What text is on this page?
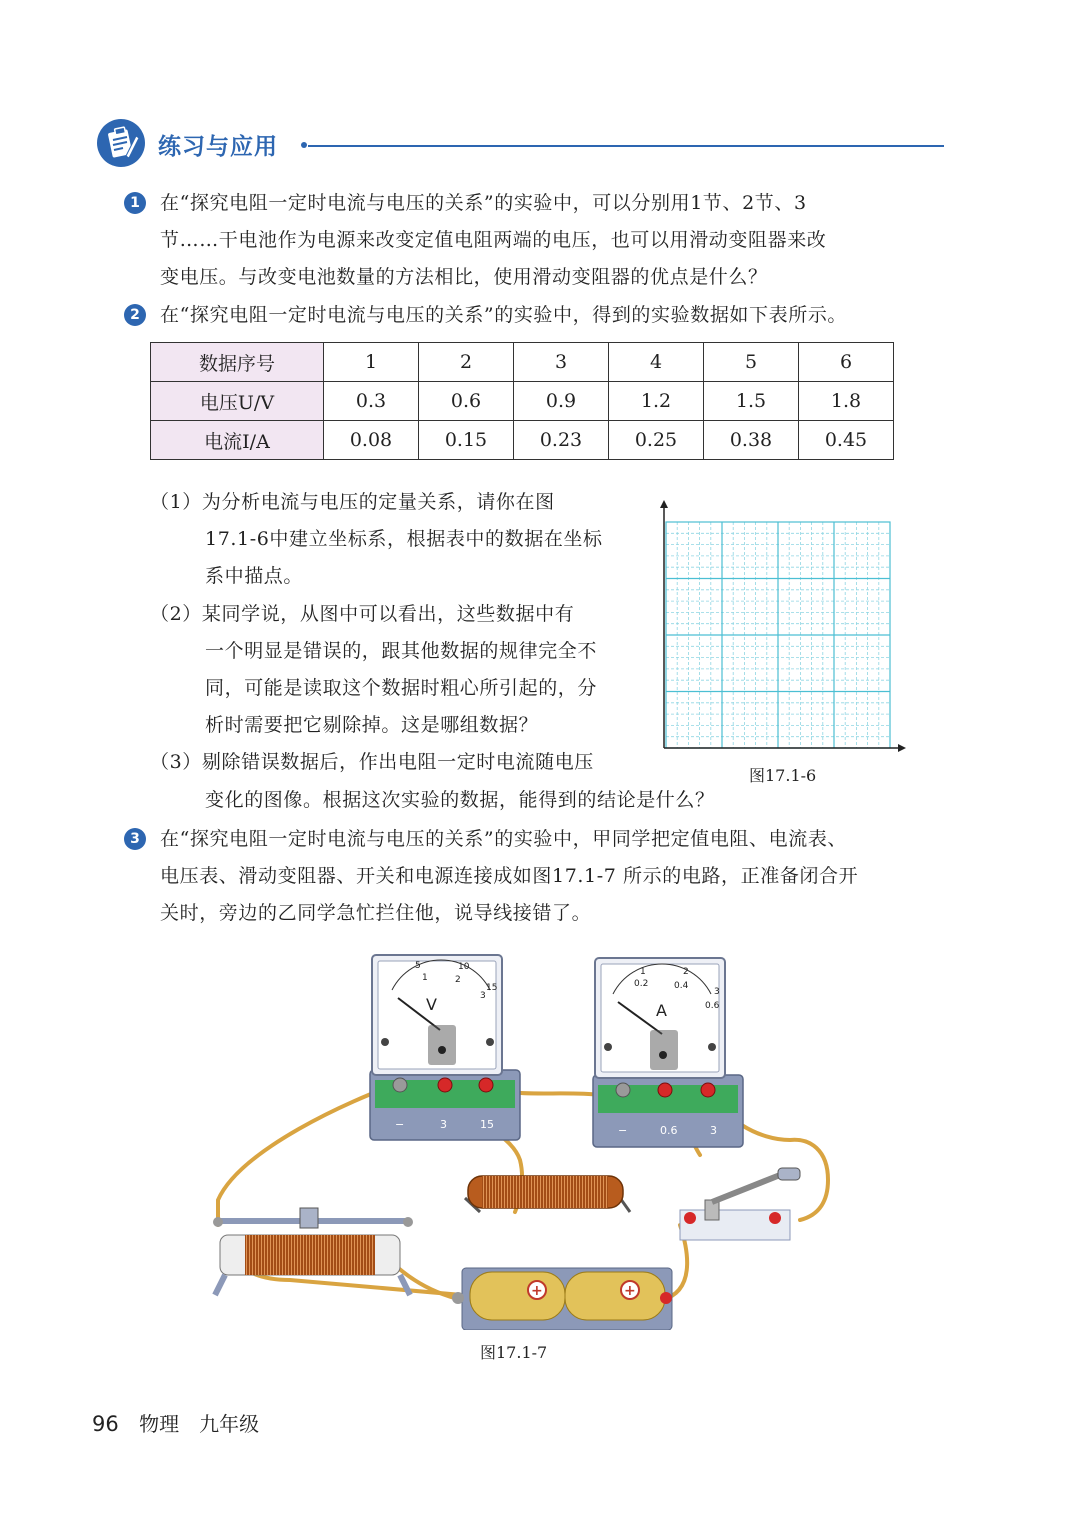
练习与应用
1	在“探究电阻一定时电流与电压的关系”的实验中，可以分别用1节、2节、3
节……干电池作为电源来改变定值电阻两端的电压，也可以用滑动变阻器来改
变电压。与改变电池数量的方法相比，使用滑动变阻器的优点是什么？
2	在“探究电阻一定时电流与电压的关系”的实验中，得到的实验数据如下表所示。
数据序号	1	2	3	4	5	6
电压U/V	0.3	0.6	0.9	1.2	1.5	1.8
电流I/A	0.08	0.15	0.23	0.25	0.38	0.45
（1）为分析电流与电压的定量关系，请你在图
17.1-6中建立坐标系，根据表中的数据在坐标
系中描点。
（2）某同学说，从图中可以看出，这些数据中有
一个明显是错误的，跟其他数据的规律完全不
同，可能是读取这个数据时粗心所引起的，分
析时需要把它剔除掉。这是哪组数据？
（3）剔除错误数据后，作出电阻一定时电流随电压
变化的图像。根据这次实验的数据，能得到的结论是什么？
图17.1-6
3	在“探究电阻一定时电流与电压的关系”的实验中，甲同学把定值电阻、电流表、
电压表、滑动变阻器、开关和电源连接成如图17.1-7 所示的电路，正准备闭合开
关时，旁边的乙同学急忙拦住他，说导线接错了。
V
5	10
15
1	2
3
−	3	15
A
1	2
3
0.2	0.4
0.6
−	0.6	3
+	+
图17.1-7
96 物理　九年级
